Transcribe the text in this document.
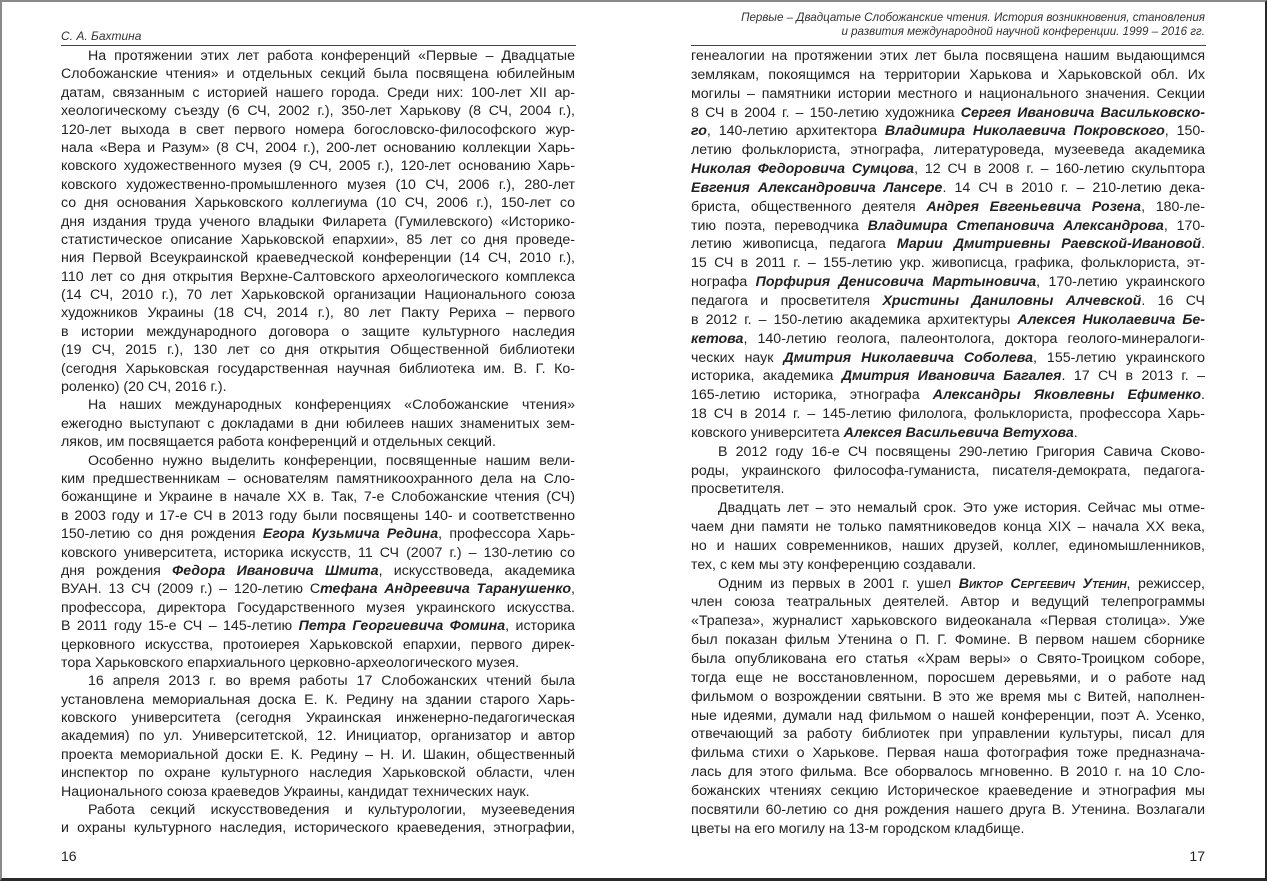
С. А. Бахтина
На протяжении этих лет работа конференций «Первые – Двадцатые
Слобожанские чтения» и отдельных секций была посвящена юбилейным
датам, связанным с историей нашего города. Среди них: 100-лет XII ар-
хеологическому съезду (6 СЧ, 2002 г.), 350-лет Харькову (8 СЧ, 2004 г.),
120-лет выхода в свет первого номера богословско-философского жур-
нала «Вера и Разум» (8 СЧ, 2004 г.), 200-лет основанию коллекции Харь-
ковского художественного музея (9 СЧ, 2005 г.), 120-лет основанию Харь-
ковского художественно-промышленного музея (10 СЧ, 2006 г.), 280-лет
со дня основания Харьковского коллегиума (10 СЧ, 2006 г.), 150-лет со
дня издания труда ученого владыки Филарета (Гумилевского) «Историко-
статистическое описание Харьковской епархии», 85 лет со дня проведе-
ния Первой Всеукраинской краеведческой конференции (14 СЧ, 2010 г.),
110 лет со дня открытия Верхне-Салтовского археологического комплекса
(14 СЧ, 2010 г.), 70 лет Харьковской организации Национального союза
художников Украины (18 СЧ, 2014 г.), 80 лет Пакту Рериха – первого
в истории международного договора о защите культурного наследия
(19 СЧ, 2015 г.), 130 лет со дня открытия Общественной библиотеки
(сегодня Харьковская государственная научная библиотека им. В. Г. Ко-
роленко) (20 СЧ, 2016 г.).
На наших международных конференциях «Слобожанские чтения»
ежегодно выступают с докладами в дни юбилеев наших знаменитых зем-
ляков, им посвящается работа конференций и отдельных секций.
Особенно нужно выделить конференции, посвященные нашим вели-
ким предшественникам – основателям памятникоохранного дела на Сло-
божанщине и Украине в начале XX в. Так, 7-е Слобожанские чтения (СЧ)
в 2003 году и 17-е СЧ в 2013 году были посвящены 140- и соответственно
150-летию со дня рождения Егора Кузьмича Редина, профессора Харь-
ковского университета, историка искусств, 11 СЧ (2007 г.) – 130-летию со
дня рождения Федора Ивановича Шмита, искусствоведа, академика
ВУАН. 13 СЧ (2009 г.) – 120-летию Стефана Андреевича Таранушенко,
профессора, директора Государственного музея украинского искусства.
В 2011 году 15-е СЧ – 145-летию Петра Георгиевича Фомина, историка
церковного искусства, протоиерея Харьковской епархии, первого дирек-
тора Харьковского епархиального церковно-археологического музея.
16 апреля 2013 г. во время работы 17 Слобожанских чтений была
установлена мемориальная доска Е. К. Редину на здании старого Харь-
ковского университета (сегодня Украинская инженерно-педагогическая
академия) по ул. Университетской, 12. Инициатор, организатор и автор
проекта мемориальной доски Е. К. Редину – Н. И. Шакин, общественный
инспектор по охране культурного наследия Харьковской области, член
Национального союза краеведов Украины, кандидат технических наук.
Работа секций искусствоведения и культурологии, музееведения
и охраны культурного наследия, исторического краеведения, этнографии,
16
Первые – Двадцатые Слобожанские чтения. История возникновения, становления
и развития международной научной конференции. 1999 – 2016 гг.
генеалогии на протяжении этих лет была посвящена нашим выдающимся
землякам, покоящимся на территории Харькова и Харьковской обл. Их
могилы – памятники истории местного и национального значения. Секции
8 СЧ в 2004 г. – 150-летию художника Сергея Ивановича Васильковско-
го, 140-летию архитектора Владимира Николаевича Покровского, 150-
летию фольклориста, этнографа, литературоведа, музееведа академика
Николая Федоровича Сумцова, 12 СЧ в 2008 г. – 160-летию скульптора
Евгения Александровича Лансере. 14 СЧ в 2010 г. – 210-летию дека-
бриста, общественного деятеля Андрея Евгеньевича Розена, 180-ле-
тию поэта, переводчика Владимира Степановича Александрова, 170-
летию живописца, педагога Марии Дмитриевны Раевской-Ивановой.
15 СЧ в 2011 г. – 155-летию укр. живописца, графика, фольклориста, эт-
нографа Порфирия Денисовича Мартыновича, 170-летию украинского
педагога и просветителя Христины Даниловны Алчевской. 16 СЧ
в 2012 г. – 150-летию академика архитектуры Алексея Николаевича Бе-
кетова, 140-летию геолога, палеонтолога, доктора геолого-минералоги-
ческих наук Дмитрия Николаевича Соболева, 155-летию украинского
историка, академика Дмитрия Ивановича Багалея. 17 СЧ в 2013 г. –
165-летию историка, этнографа Александры Яковлевны Ефименко.
18 СЧ в 2014 г. – 145-летию филолога, фольклориста, профессора Харь-
ковского университета Алексея Васильевича Ветухова.
В 2012 году 16-е СЧ посвящены 290-летию Григория Савича Сково-
роды, украинского философа-гуманиста, писателя-демократа, педагога-
просветителя.
Двадцать лет – это немалый срок. Это уже история. Сейчас мы отме-
чаем дни памяти не только памятниковедов конца XIX – начала XX века,
но и наших современников, наших друзей, коллег, единомышленников,
тех, с кем мы эту конференцию создавали.
Одним из первых в 2001 г. ушел Виктор Сергеевич Утенин, режиссер,
член союза театральных деятелей. Автор и ведущий телепрограммы
«Трапеза», журналист харьковского видеоканала «Первая столица». Уже
был показан фильм Утенина о П. Г. Фомине. В первом нашем сборнике
была опубликована его статья «Храм веры» о Свято-Троицком соборе,
тогда еще не восстановленном, поросшем деревьями, и о работе над
фильмом о возрождении святыни. В это же время мы с Витей, наполнен-
ные идеями, думали над фильмом о нашей конференции, поэт А. Усенко,
отвечающий за работу библиотек при управлении культуры, писал для
фильма стихи о Харькове. Первая наша фотография тоже предназнача-
лась для этого фильма. Все оборвалось мгновенно. В 2010 г. на 10 Сло-
божанских чтениях секцию Историческое краеведение и этнография мы
посвятили 60-летию со дня рождения нашего друга В. Утенина. Возлагали
цветы на его могилу на 13-м городском кладбище.
17
